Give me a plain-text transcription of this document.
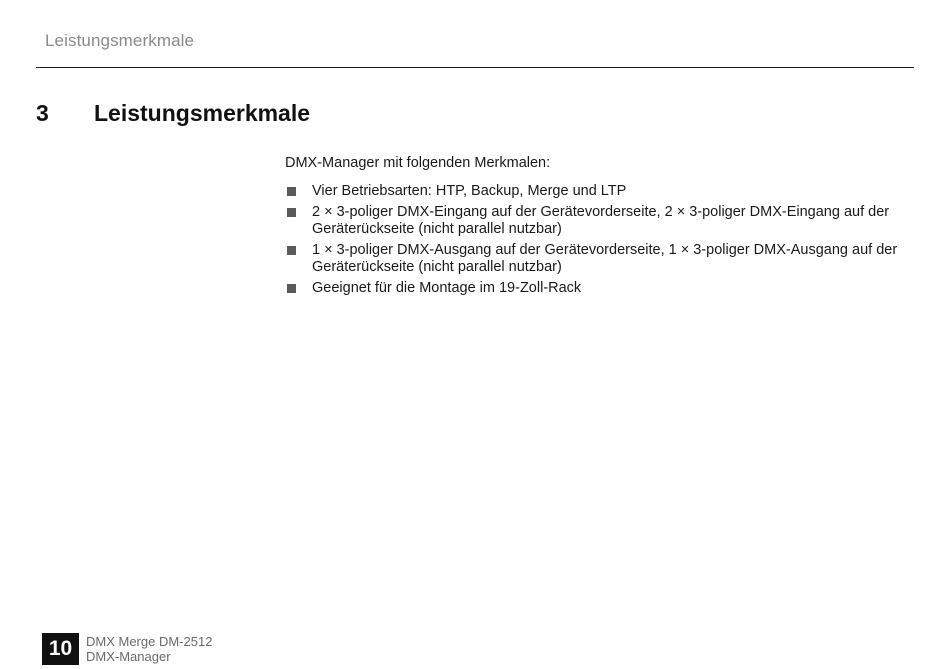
Leistungsmerkmale
3 Leistungsmerkmale

DMX-Manager mit folgenden Merkmalen:

Vier Betriebsarten: HTP, Backup, Merge und LTP
2 × 3-poliger DMX-Eingang auf der Gerätevorderseite, 2 × 3-poliger DMX-Eingang auf der Geräterückseite (nicht parallel nutzbar)
1 × 3-poliger DMX-Ausgang auf der Gerätevorderseite, 1 × 3-poliger DMX-Ausgang auf der Geräterückseite (nicht parallel nutzbar)
Geeignet für die Montage im 19-Zoll-Rack
10	DMX Merge DM-2512
DMX-Manager
